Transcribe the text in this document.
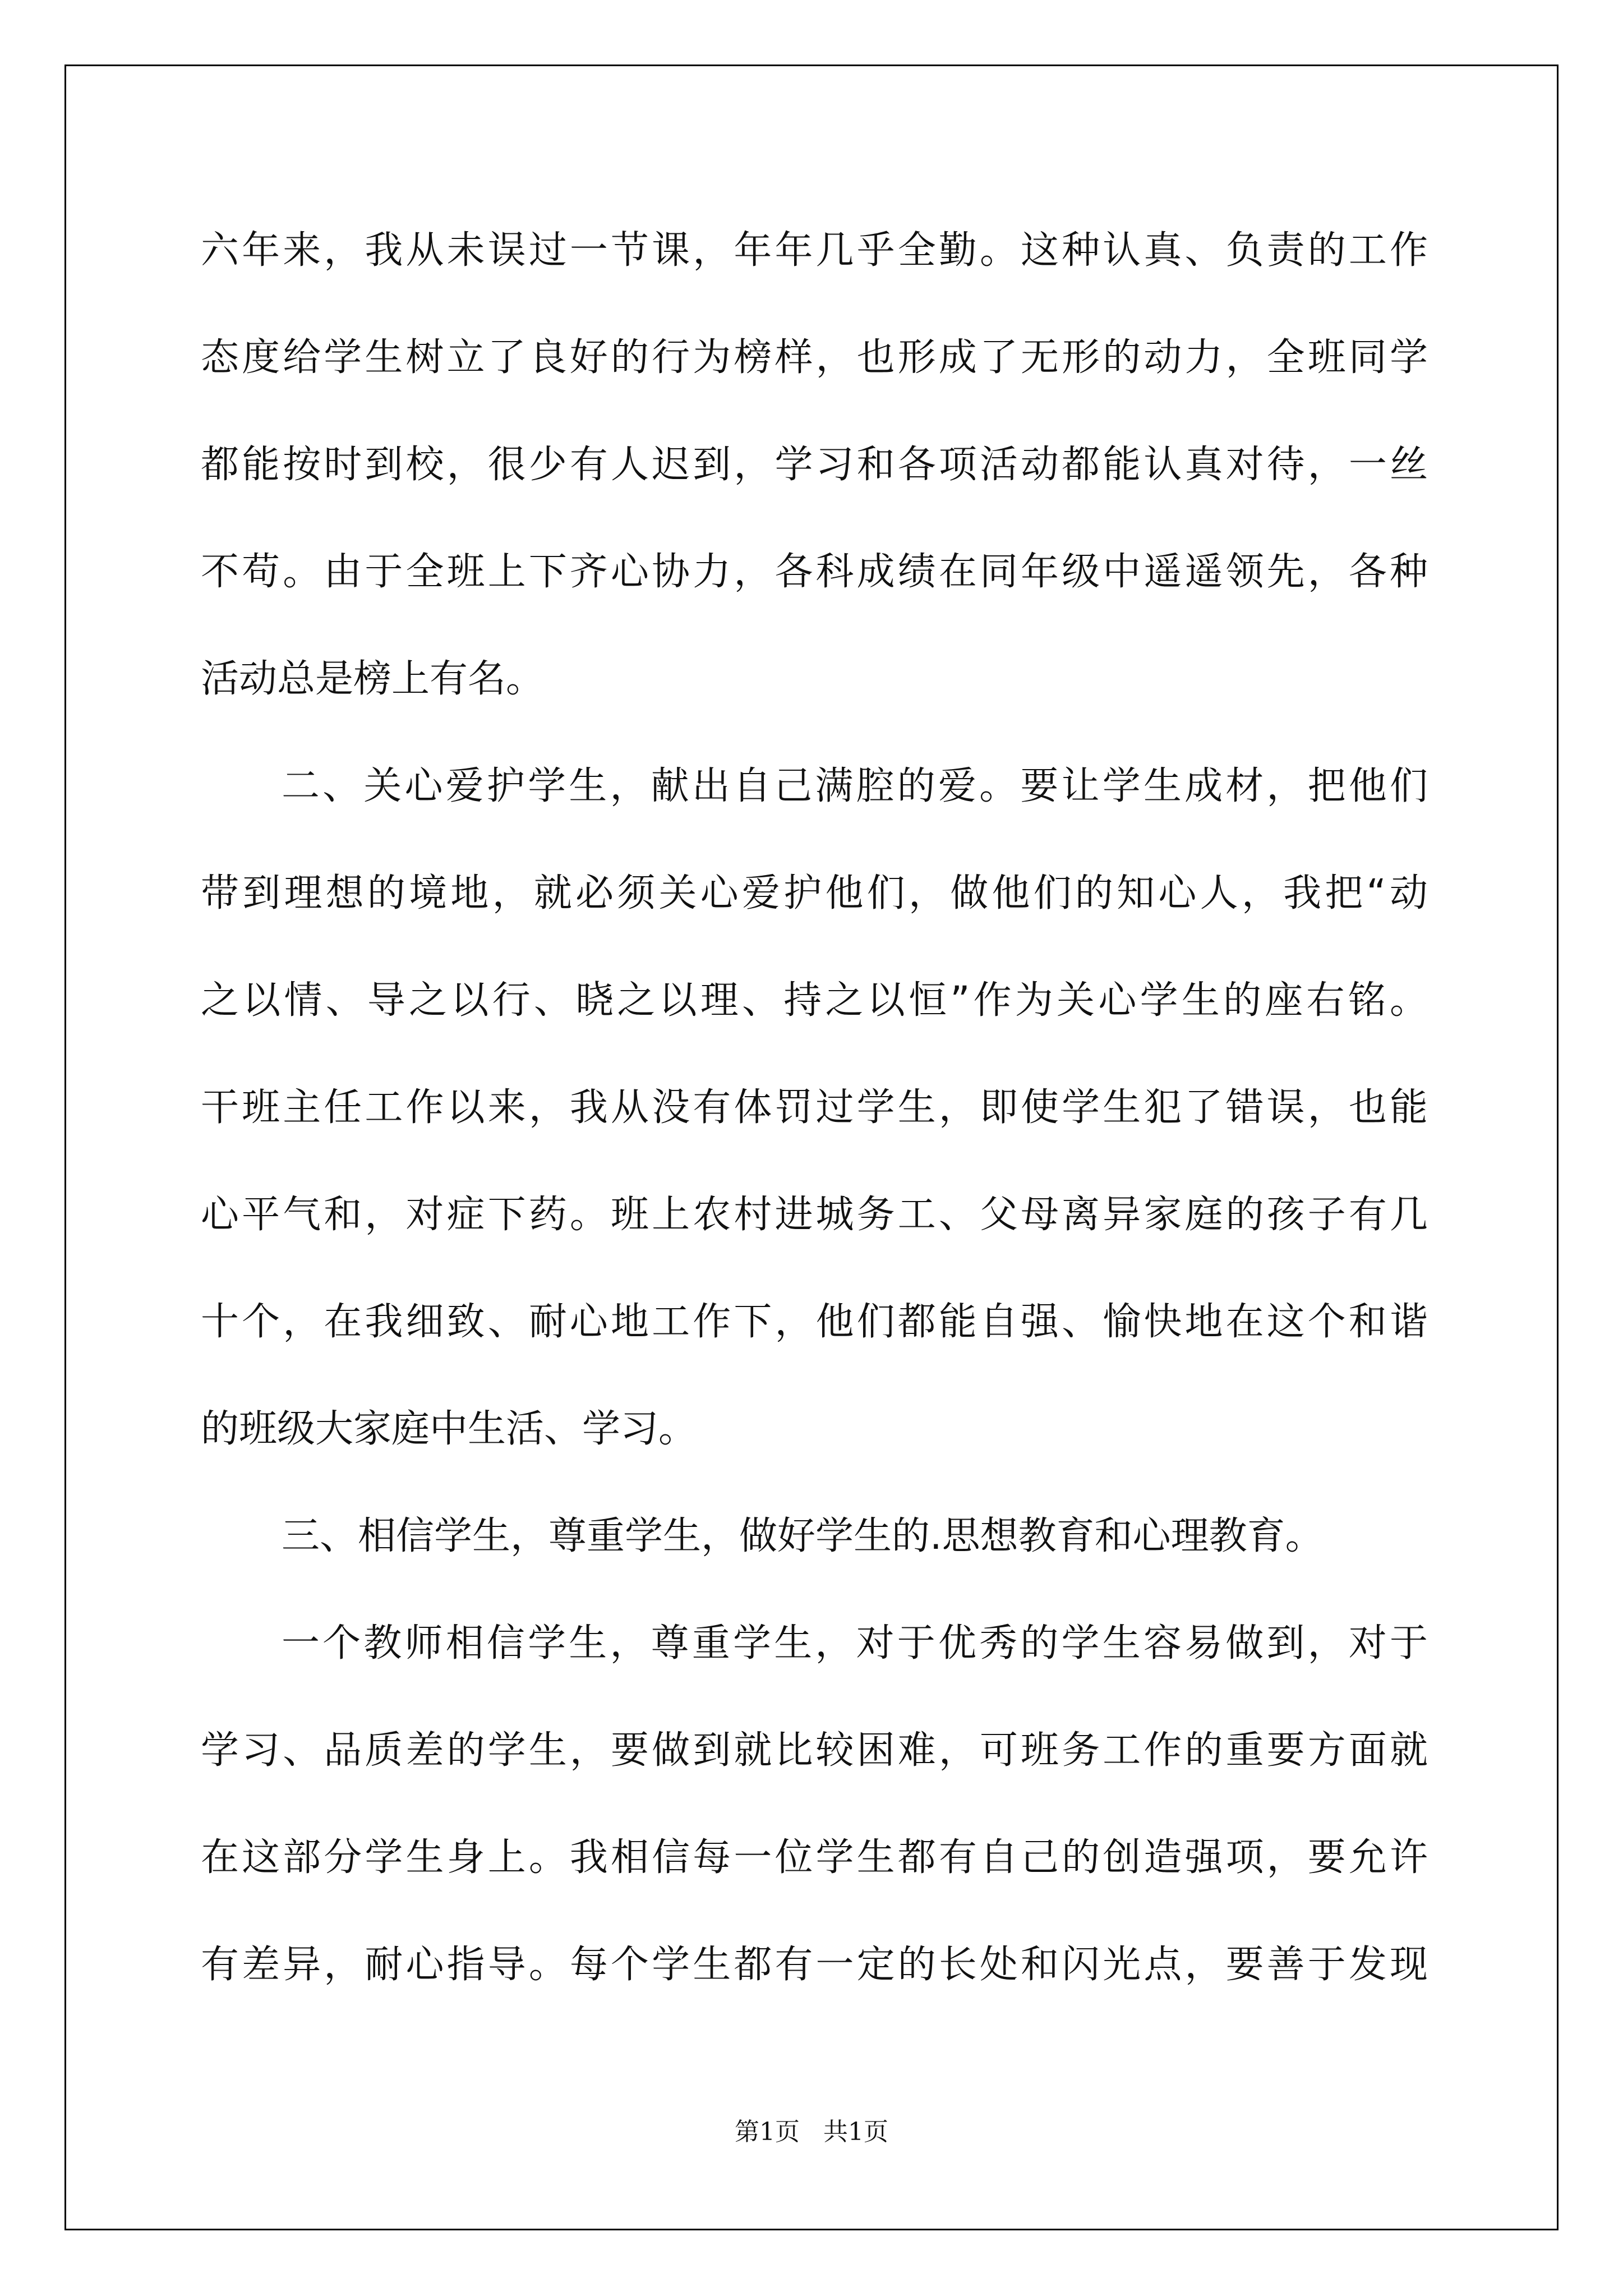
六年来，我从未误过一节课，年年几乎全勤。这种认真、负责的工作
态度给学生树立了良好的行为榜样，也形成了无形的动力，全班同学
都能按时到校，很少有人迟到，学习和各项活动都能认真对待，一丝
不苟。由于全班上下齐心协力，各科成绩在同年级中遥遥领先，各种
活动总是榜上有名。
二、关心爱护学生，献出自己满腔的爱。要让学生成材，把他们
带到理想的境地，就必须关心爱护他们，做他们的知心人，我把“动
之以情、导之以行、晓之以理、持之以恒”作为关心学生的座右铭。
干班主任工作以来，我从没有体罚过学生，即使学生犯了错误，也能
心平气和，对症下药。班上农村进城务工、父母离异家庭的孩子有几
十个，在我细致、耐心地工作下，他们都能自强、愉快地在这个和谐
的班级大家庭中生活、学习。
三、相信学生，尊重学生，做好学生的.思想教育和心理教育。
一个教师相信学生，尊重学生，对于优秀的学生容易做到，对于
学习、品质差的学生，要做到就比较困难，可班务工作的重要方面就
在这部分学生身上。我相信每一位学生都有自己的创造强项，要允许
有差异，耐心指导。每个学生都有一定的长处和闪光点，要善于发现
第1页   共1页
